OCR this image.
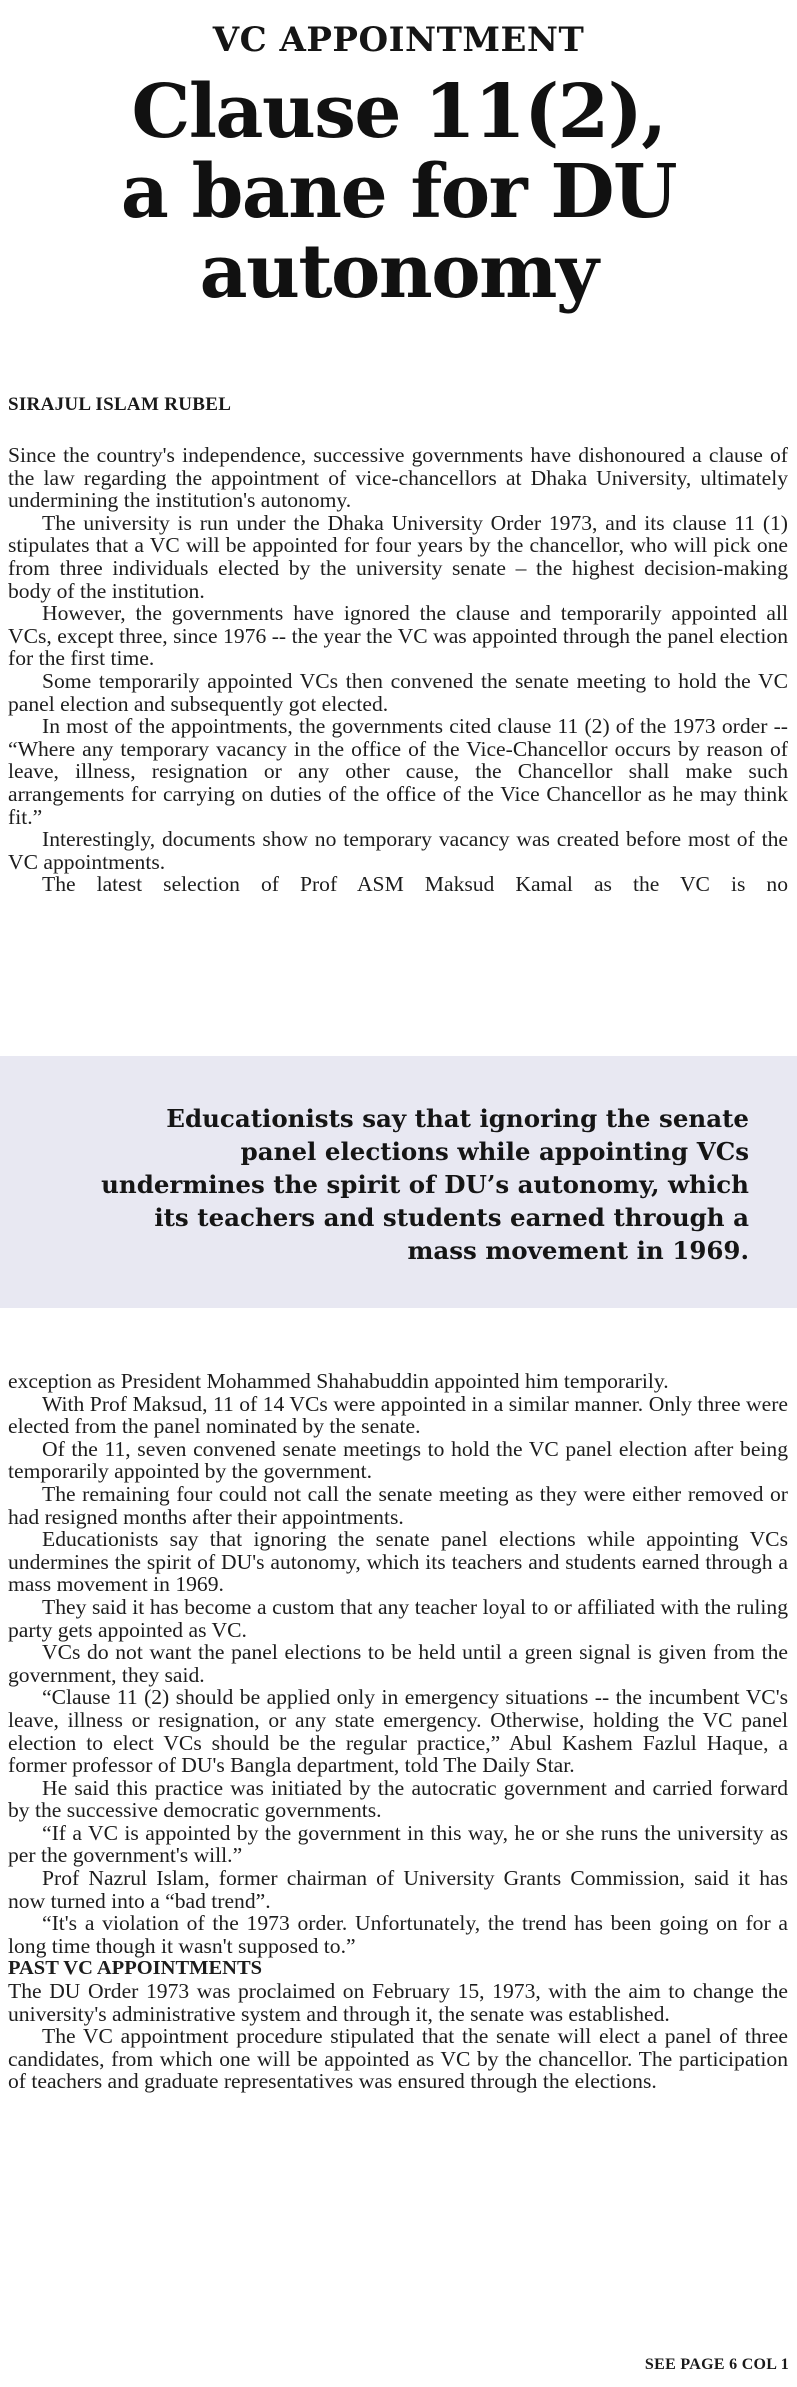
VC APPOINTMENT
Clause 11(2),
a bane for DU
autonomy
SIRAJUL ISLAM RUBEL

Since the country's independence, successive governments have dishonoured a clause of the law regarding the appointment of vice-chancellors at Dhaka University, ultimately undermining the institution's autonomy.

The university is run under the Dhaka University Order 1973, and its clause 11 (1) stipulates that a VC will be appointed for four years by the chancellor, who will pick one from three individuals elected by the university senate – the highest decision-making body of the institution.

However, the governments have ignored the clause and temporarily appointed all VCs, except three, since 1976 -- the year the VC was appointed through the panel election for the first time.

Some temporarily appointed VCs then convened the senate meeting to hold the VC panel election and subsequently got elected.

In most of the appointments, the governments cited clause 11 (2) of the 1973 order -- “Where any temporary vacancy in the office of the Vice-Chancellor occurs by reason of leave, illness, resignation or any other cause, the Chancellor shall make such arrangements for carrying on duties of the office of the Vice Chancellor as he may think fit.”

Interestingly, documents show no temporary vacancy was created before most of the VC appointments.

The latest selection of Prof ASM Maksud Kamal as the VC is no

Educationists say that ignoring the senate
panel elections while appointing VCs
undermines the spirit of DU’s autonomy, which
its teachers and students earned through a
mass movement in 1969.

exception as President Mohammed Shahabuddin appointed him temporarily.

With Prof Maksud, 11 of 14 VCs were appointed in a similar manner. Only three were elected from the panel nominated by the senate.

Of the 11, seven convened senate meetings to hold the VC panel election after being temporarily appointed by the government.

The remaining four could not call the senate meeting as they were either removed or had resigned months after their appointments.

Educationists say that ignoring the senate panel elections while appointing VCs undermines the spirit of DU's autonomy, which its teachers and students earned through a mass movement in 1969.

They said it has become a custom that any teacher loyal to or affiliated with the ruling party gets appointed as VC.

VCs do not want the panel elections to be held until a green signal is given from the government, they said.

“Clause 11 (2) should be applied only in emergency situations -- the incumbent VC's leave, illness or resignation, or any state emergency. Otherwise, holding the VC panel election to elect VCs should be the regular practice,” Abul Kashem Fazlul Haque, a former professor of DU's Bangla department, told The Daily Star.

He said this practice was initiated by the autocratic government and carried forward by the successive democratic governments.

“If a VC is appointed by the government in this way, he or she runs the university as per the government's will.”

Prof Nazrul Islam, former chairman of University Grants Commission, said it has now turned into a “bad trend”.

“It's a violation of the 1973 order. Unfortunately, the trend has been going on for a long time though it wasn't supposed to.”

PAST VC APPOINTMENTS

The DU Order 1973 was proclaimed on February 15, 1973, with the aim to change the university's administrative system and through it, the senate was established.

The VC appointment procedure stipulated that the senate will elect a panel of three candidates, from which one will be appointed as VC by the chancellor. The participation of teachers and graduate representatives was ensured through the elections.

SEE PAGE 6 COL 1
